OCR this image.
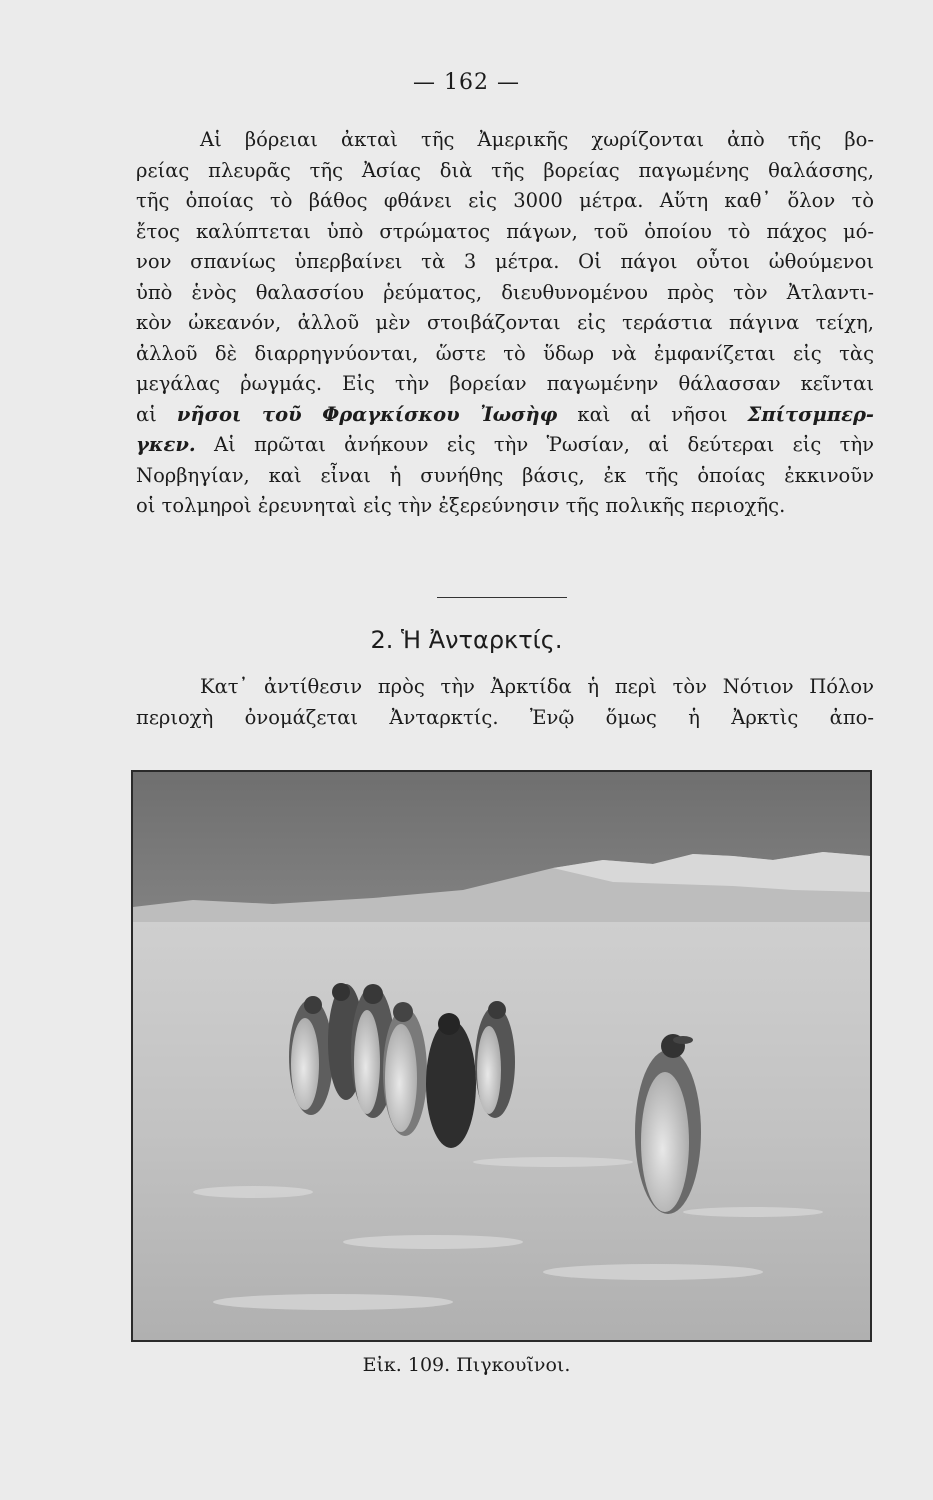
— 162 —
Αἱ βόρειαι ἀκταὶ τῆς Ἀμερικῆς χωρίζονται ἀπὸ τῆς βο-
ρείας πλευρᾶς τῆς Ἀσίας διὰ τῆς βορείας παγωμένης θαλάσσης,
τῆς ὁποίας τὸ βάθος φθάνει εἰς 3000 μέτρα. Αὕτη καθ᾽ ὅλον τὸ
ἔτος καλύπτεται ὑπὸ στρώματος πάγων, τοῦ ὁποίου τὸ πάχος μό-
νον σπανίως ὑπερβαίνει τὰ 3 μέτρα. Οἱ πάγοι οὗτοι ὠθούμενοι
ὑπὸ ἑνὸς θαλασσίου ῥεύματος, διευθυνομένου πρὸς τὸν Ἀτλαντι-
κὸν ὠκεανόν, ἀλλοῦ μὲν στοιβάζονται εἰς τεράστια πάγινα τείχη,
ἀλλοῦ δὲ διαρρηγνύονται, ὥστε τὸ ὕδωρ νὰ ἐμφανίζεται εἰς τὰς
μεγάλας ῥωγμάς. Εἰς τὴν βορείαν παγωμένην θάλασσαν κεῖνται
αἱ νῆσοι τοῦ Φραγκίσκου Ἰωσὴφ καὶ αἱ νῆσοι Σπίτσμπερ-
γκεν. Αἱ πρῶται ἀνήκουν εἰς τὴν Ῥωσίαν, αἱ δεύτεραι εἰς τὴν
Νορβηγίαν, καὶ εἶναι ἡ συνήθης βάσις, ἐκ τῆς ὁποίας ἐκκινοῦν
οἱ τολμηροὶ ἐρευνηταὶ εἰς τὴν ἐξερεύνησιν τῆς πολικῆς περιοχῆς.
2. Ἡ Ἀνταρκτίς.
Κατ᾽ ἀντίθεσιν πρὸς τὴν Ἀρκτίδα ἡ περὶ τὸν Νότιον Πόλον
περιοχὴ ὀνομάζεται Ἀνταρκτίς. Ἐνῷ ὅμως ἡ Ἀρκτὶς ἀπο-
Εἰκ. 109. Πιγκουῖνοι.
